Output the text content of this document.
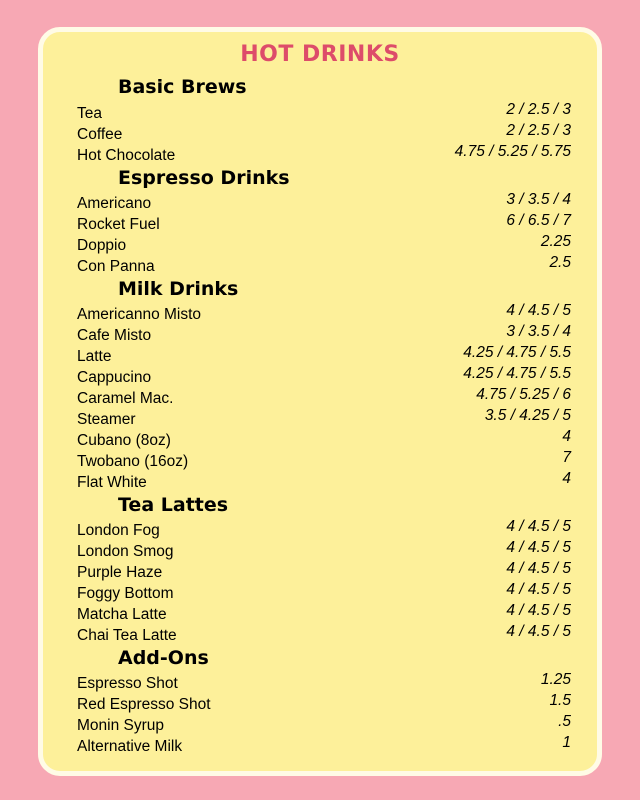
HOT DRINKS
Basic Brews
Tea	2 / 2.5 / 3
Coffee	2 / 2.5 / 3
Hot Chocolate	4.75 / 5.25 / 5.75
Espresso Drinks
Americano	3 / 3.5 / 4
Rocket Fuel	6 / 6.5 / 7
Doppio	2.25
Con Panna	2.5
Milk Drinks
Americanno Misto	4 / 4.5 / 5
Cafe Misto	3 / 3.5 / 4
Latte	4.25 / 4.75 / 5.5
Cappucino	4.25 / 4.75 / 5.5
Caramel Mac.	4.75 / 5.25 / 6
Steamer	3.5 / 4.25 / 5
Cubano (8oz)	4
Twobano (16oz)	7
Flat White	4
Tea Lattes
London Fog	4 / 4.5 / 5
London Smog	4 / 4.5 / 5
Purple Haze	4 / 4.5 / 5
Foggy Bottom	4 / 4.5 / 5
Matcha Latte	4 / 4.5 / 5
Chai Tea Latte	4 / 4.5 / 5
Add-Ons
Espresso Shot	1.25
Red Espresso Shot	1.5
Monin Syrup	.5
Alternative Milk	1
